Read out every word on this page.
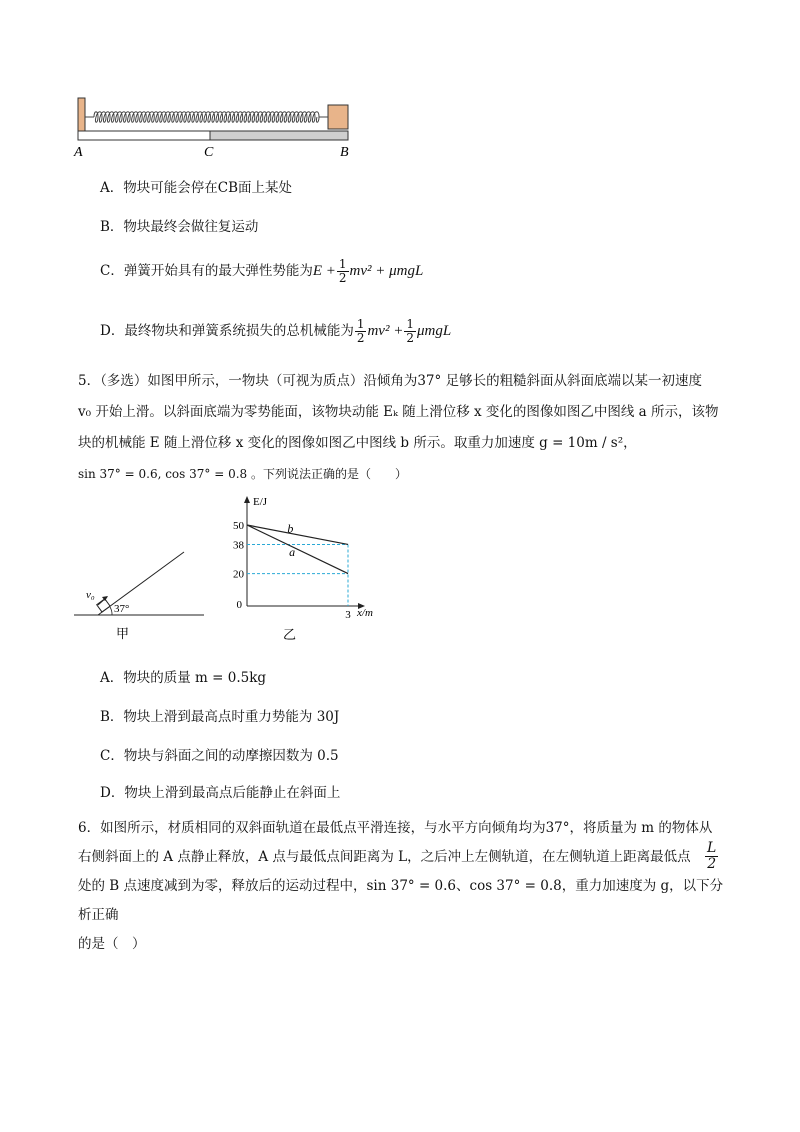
A	C	B
A．物块可能会停在CB面上某处
B．物块最终会做往复运动
C．弹簧开始具有的最大弹性势能为$E + \frac{1}{2} mv^2 + \mu mgL$
D．最终物块和弹簧系统损失的总机械能为 $\frac{1}{2} mv^2 + \frac{1}{2}$ μmgL
5．（多选）如图甲所示，一物块（可视为质点）沿倾角为37° 足够长的粗糙斜面从斜面底端以某一初速度
v₀ 开始上滑。以斜面底端为零势能面，该物块动能 Eₖ 随上滑位移 x 变化的图像如图乙中图线 a 所示，该物
块的机械能 E 随上滑位移 x 变化的图像如图乙中图线 b 所示。取重力加速度 g = 10m / s²，
sin 37° = 0.6, cos 37° = 0.8 。下列说法正确的是（　　）
v₀
37°
甲
E/J
x/m
b
a
50
38
20
0
3
乙
A．物块的质量 m = 0.5kg
B．物块上滑到最高点时重力势能为 30J
C．物块与斜面之间的动摩擦因数为 0.5
D．物块上滑到最高点后能静止在斜面上
6．如图所示，材质相同的双斜面轨道在最低点平滑连接，与水平方向倾角均为37°，将质量为 m 的物体从
右侧斜面上的 A 点静止释放，A 点与最低点间距离为 L，之后冲上左侧轨道，在左侧轨道上距离最低点 $\frac{L}{2}$
处的 B 点速度减到为零，释放后的运动过程中，sin 37° = 0.6、cos 37° = 0.8，重力加速度为 g，以下分析正确
的是（　）
